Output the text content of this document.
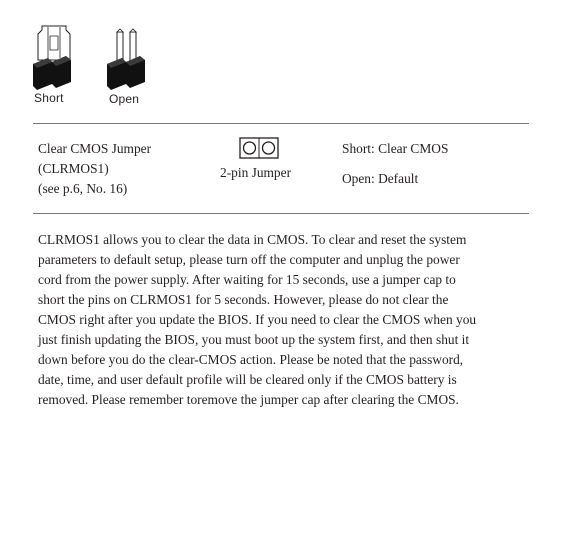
Short	Open
Clear CMOS Jumper
(CLRMOS1)
(see p.6, No. 16)
2-pin Jumper
Short: Clear CMOS
Open: Default
CLRMOS1 allows you to clear the data in CMOS. To clear and reset the system
parameters to default setup, please turn off the computer and unplug the power
cord from the power supply. After waiting for 15 seconds, use a jumper cap to
short the pins on CLRMOS1 for 5 seconds. However, please do not clear the
CMOS right after you update the BIOS. If you need to clear the CMOS when you
just finish updating the BIOS, you must boot up the system first, and then shut it
down before you do the clear-CMOS action. Please be noted that the password,
date, time, and user default profile will be cleared only if the CMOS battery is
removed. Please remember toremove the jumper cap after clearing the CMOS.
